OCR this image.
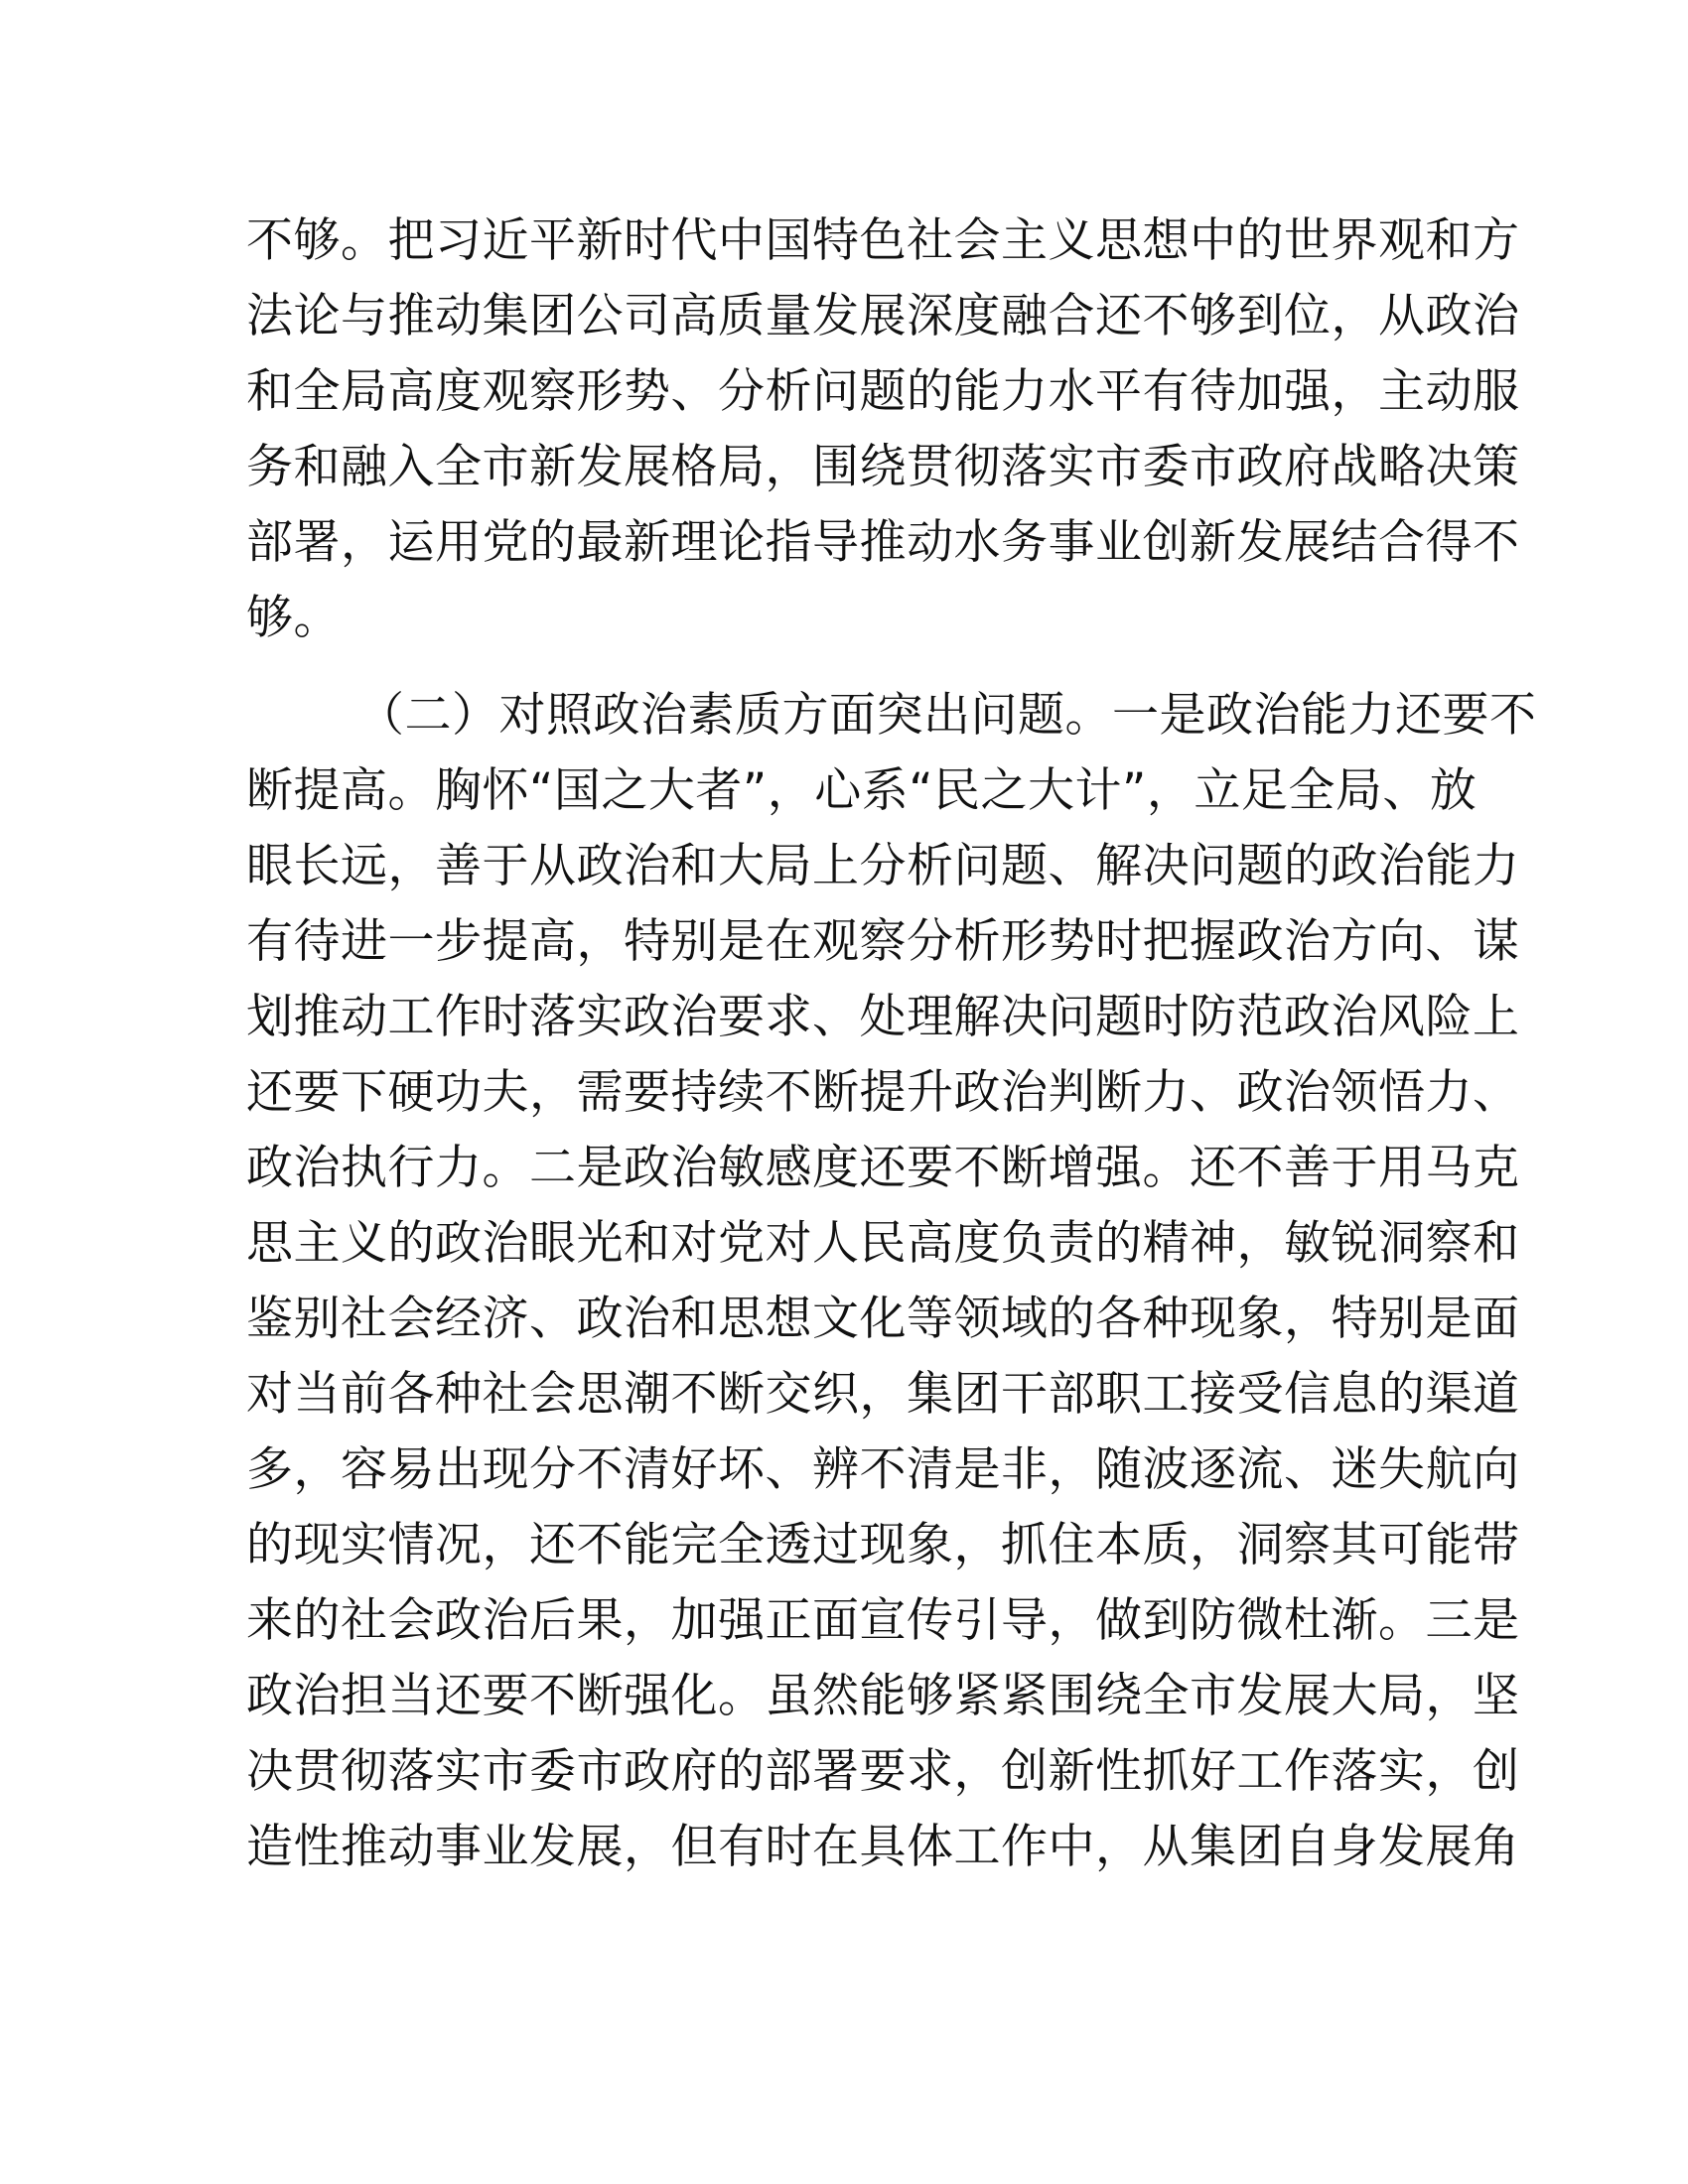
不够。把习近平新时代中国特色社会主义思想中的世界观和方
法论与推动集团公司高质量发展深度融合还不够到位，从政治
和全局高度观察形势、分析问题的能力水平有待加强，主动服
务和融入全市新发展格局，围绕贯彻落实市委市政府战略决策
部署，运用党的最新理论指导推动水务事业创新发展结合得不
够。
（二）对照政治素质方面突出问题。一是政治能力还要不
断提高。胸怀“国之大者”，心系“民之大计”，立足全局、放
眼长远，善于从政治和大局上分析问题、解决问题的政治能力
有待进一步提高，特别是在观察分析形势时把握政治方向、谋
划推动工作时落实政治要求、处理解决问题时防范政治风险上
还要下硬功夫，需要持续不断提升政治判断力、政治领悟力、
政治执行力。二是政治敏感度还要不断增强。还不善于用马克
思主义的政治眼光和对党对人民高度负责的精神，敏锐洞察和
鉴别社会经济、政治和思想文化等领域的各种现象，特别是面
对当前各种社会思潮不断交织，集团干部职工接受信息的渠道
多，容易出现分不清好坏、辨不清是非，随波逐流、迷失航向
的现实情况，还不能完全透过现象，抓住本质，洞察其可能带
来的社会政治后果，加强正面宣传引导，做到防微杜渐。三是
政治担当还要不断强化。虽然能够紧紧围绕全市发展大局，坚
决贯彻落实市委市政府的部署要求，创新性抓好工作落实，创
造性推动事业发展，但有时在具体工作中，从集团自身发展角
